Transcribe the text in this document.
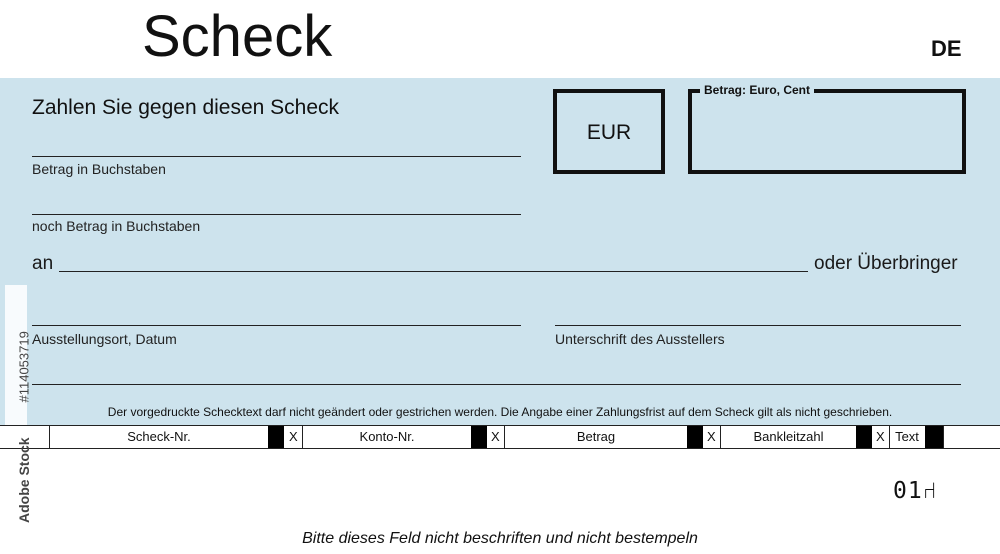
Scheck	DE
Zahlen Sie gegen diesen Scheck
Betrag in Buchstaben
noch Betrag in Buchstaben
EUR
Betrag: Euro, Cent
an	oder Überbringer
Ausstellungsort, Datum	Unterschrift des Ausstellers
Der vorgedruckte Schecktext darf nicht geändert oder gestrichen werden. Die Angabe einer Zahlungsfrist auf dem Scheck gilt als nicht geschrieben.
Scheck-Nr.	X	Konto-Nr.	X	Betrag	X	Bankleitzahl	X Text
01⑁
Bitte dieses Feld nicht beschriften und nicht bestempeln
#114053719
Adobe Stock
